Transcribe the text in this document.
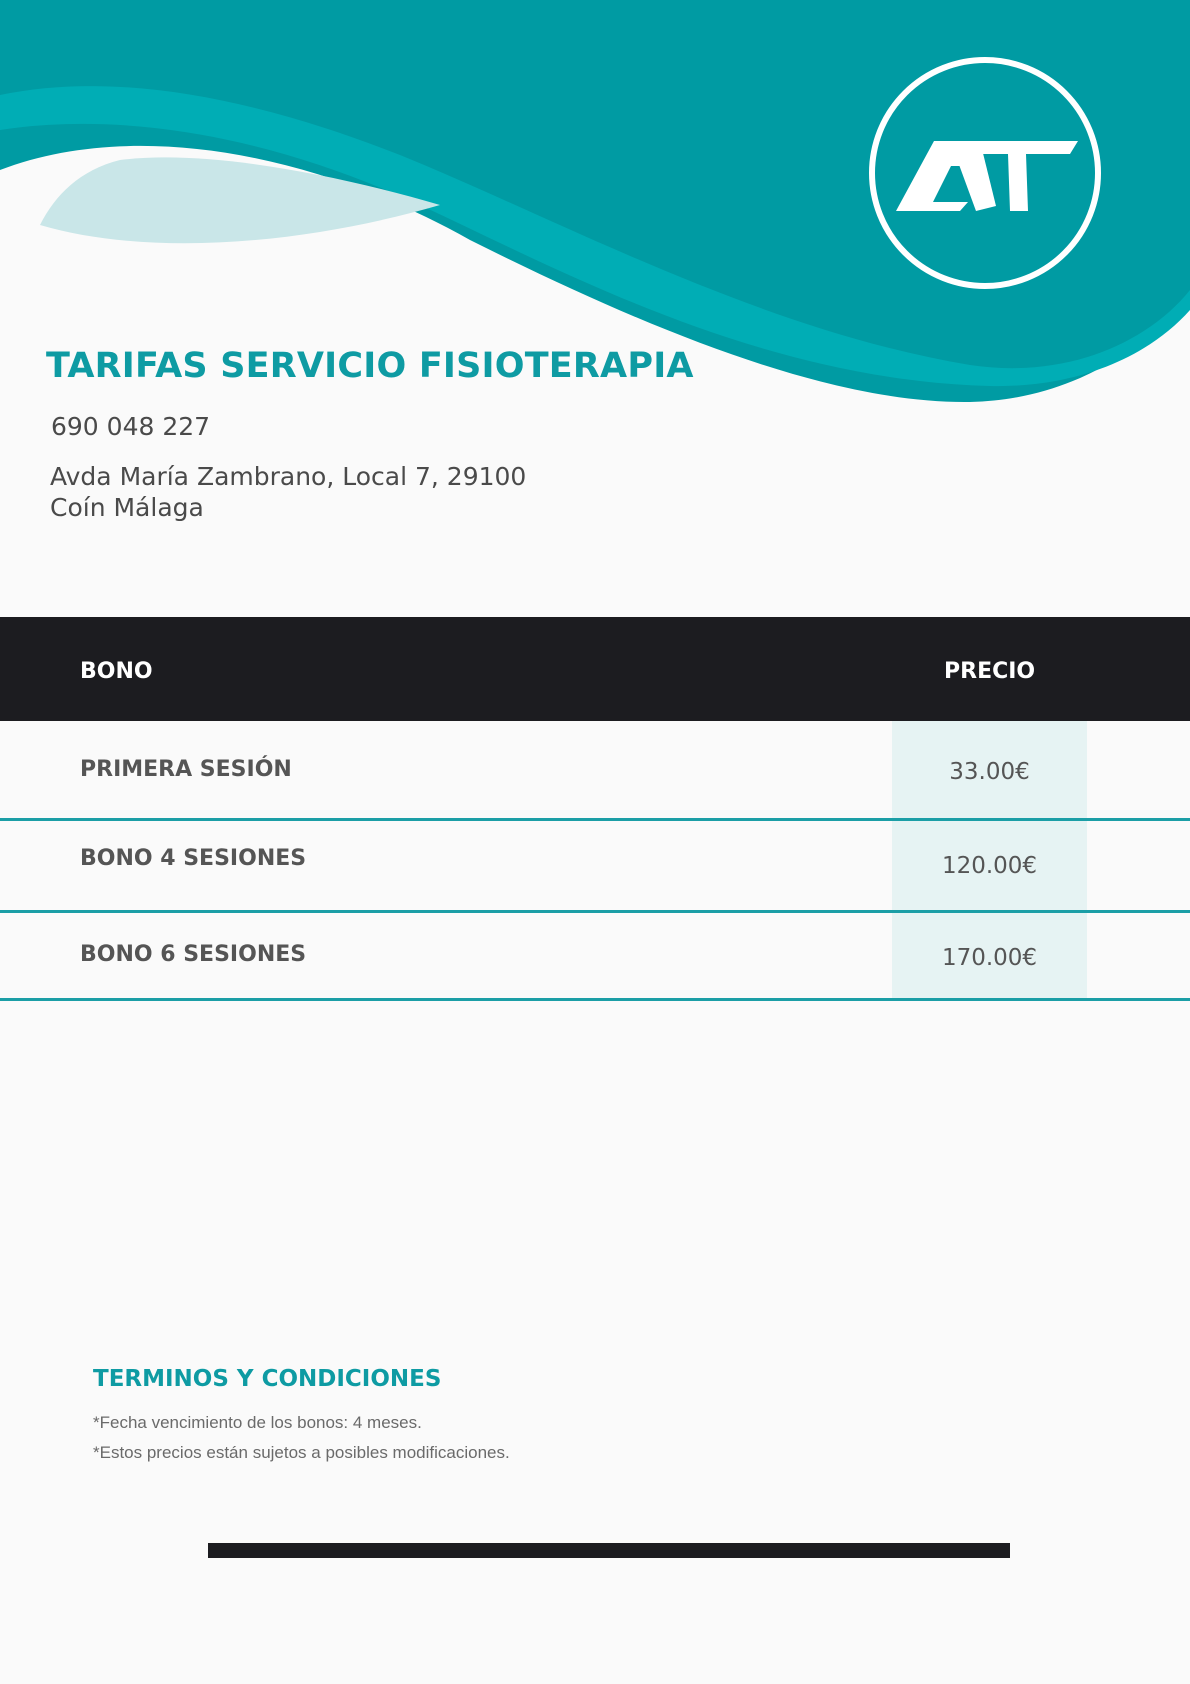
TARIFAS SERVICIO FISIOTERAPIA
690 048 227
Avda María Zambrano, Local 7, 29100
Coín Málaga
BONO	PRECIO
PRIMERA SESIÓN	33.00€
BONO 4 SESIONES	120.00€
BONO 6 SESIONES	170.00€
TERMINOS Y CONDICIONES
*Fecha vencimiento de los bonos: 4 meses.
*Estos precios están sujetos a posibles modificaciones.
